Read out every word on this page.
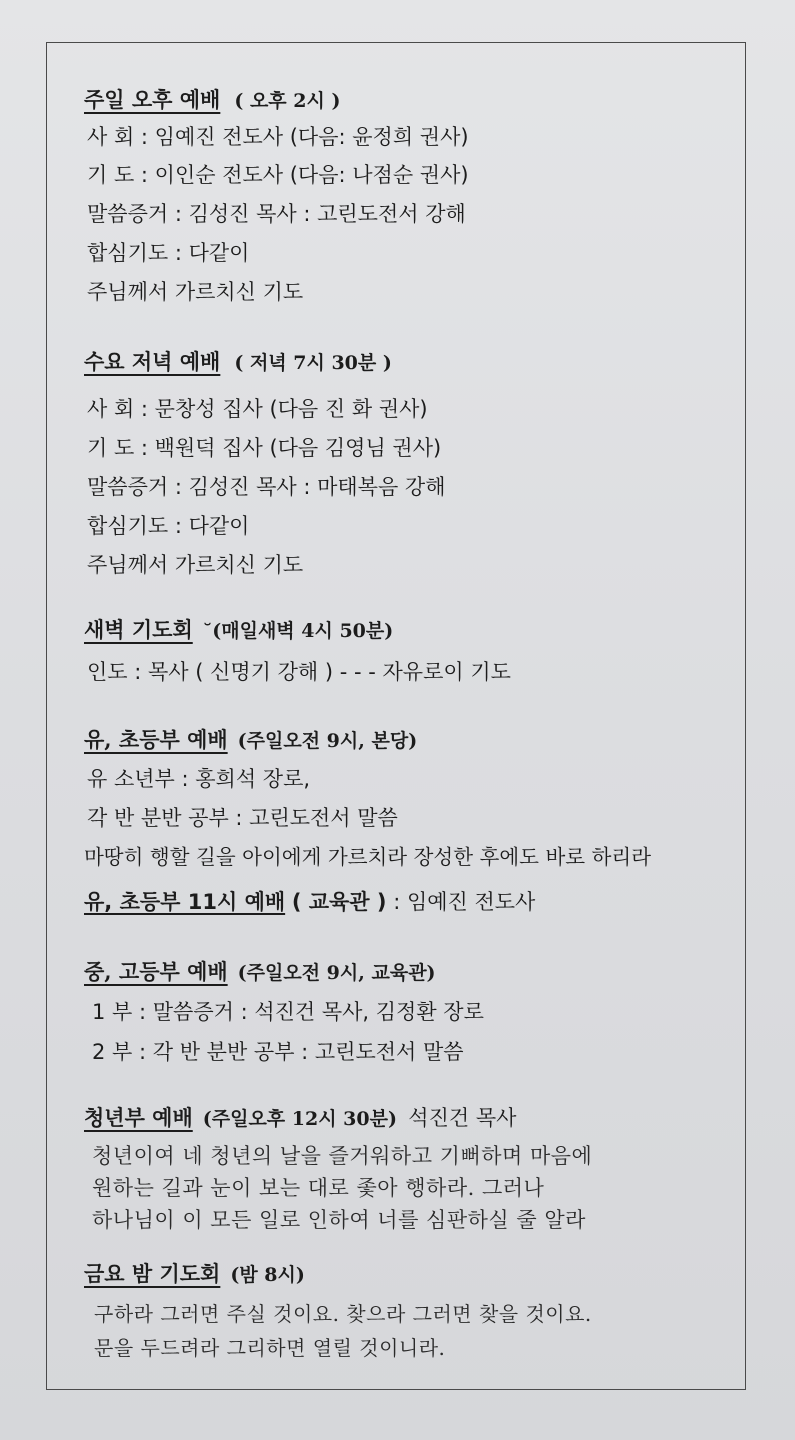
주일 오후 예배 ( 오후 2시 )
사 회 : 임예진 전도사 (다음: 윤정희 권사)
기 도 : 이인순 전도사 (다음: 나점순 권사)
말씀증거 : 김성진 목사 : 고린도전서 강해
합심기도 : 다같이
주님께서 가르치신 기도
수요 저녁 예배 ( 저녁 7시 30분 )
사 회 : 문창성 집사 (다음 진 화 권사)
기 도 : 백원덕 집사 (다음 김영님 권사)
말씀증거 : 김성진 목사 : 마태복음 강해
합심기도 : 다같이
주님께서 가르치신 기도
새벽 기도회 ˘(매일새벽 4시 50분)
인도 : 목사 ( 신명기 강해 ) - - - 자유로이 기도
유, 초등부 예배 (주일오전 9시, 본당)
유 소년부 : 홍희석 장로,
각 반 분반 공부 : 고린도전서 말씀
마땅히 행할 길을 아이에게 가르치라 장성한 후에도 바로 하리라
유, 초등부 11시 예배 ( 교육관 ) : 임예진 전도사
중, 고등부 예배 (주일오전 9시, 교육관)
1 부 : 말씀증거 : 석진건 목사, 김정환 장로
2 부 : 각 반 분반 공부 : 고린도전서 말씀
청년부 예배 (주일오후 12시 30분) 석진건 목사
청년이여 네 청년의 날을 즐거워하고 기뻐하며 마음에
원하는 길과 눈이 보는 대로 좇아 행하라. 그러나
하나님이 이 모든 일로 인하여 너를 심판하실 줄 알라
금요 밤 기도회 (밤 8시)
구하라 그러면 주실 것이요. 찾으라 그러면 찾을 것이요.
문을 두드려라 그리하면 열릴 것이니라.
